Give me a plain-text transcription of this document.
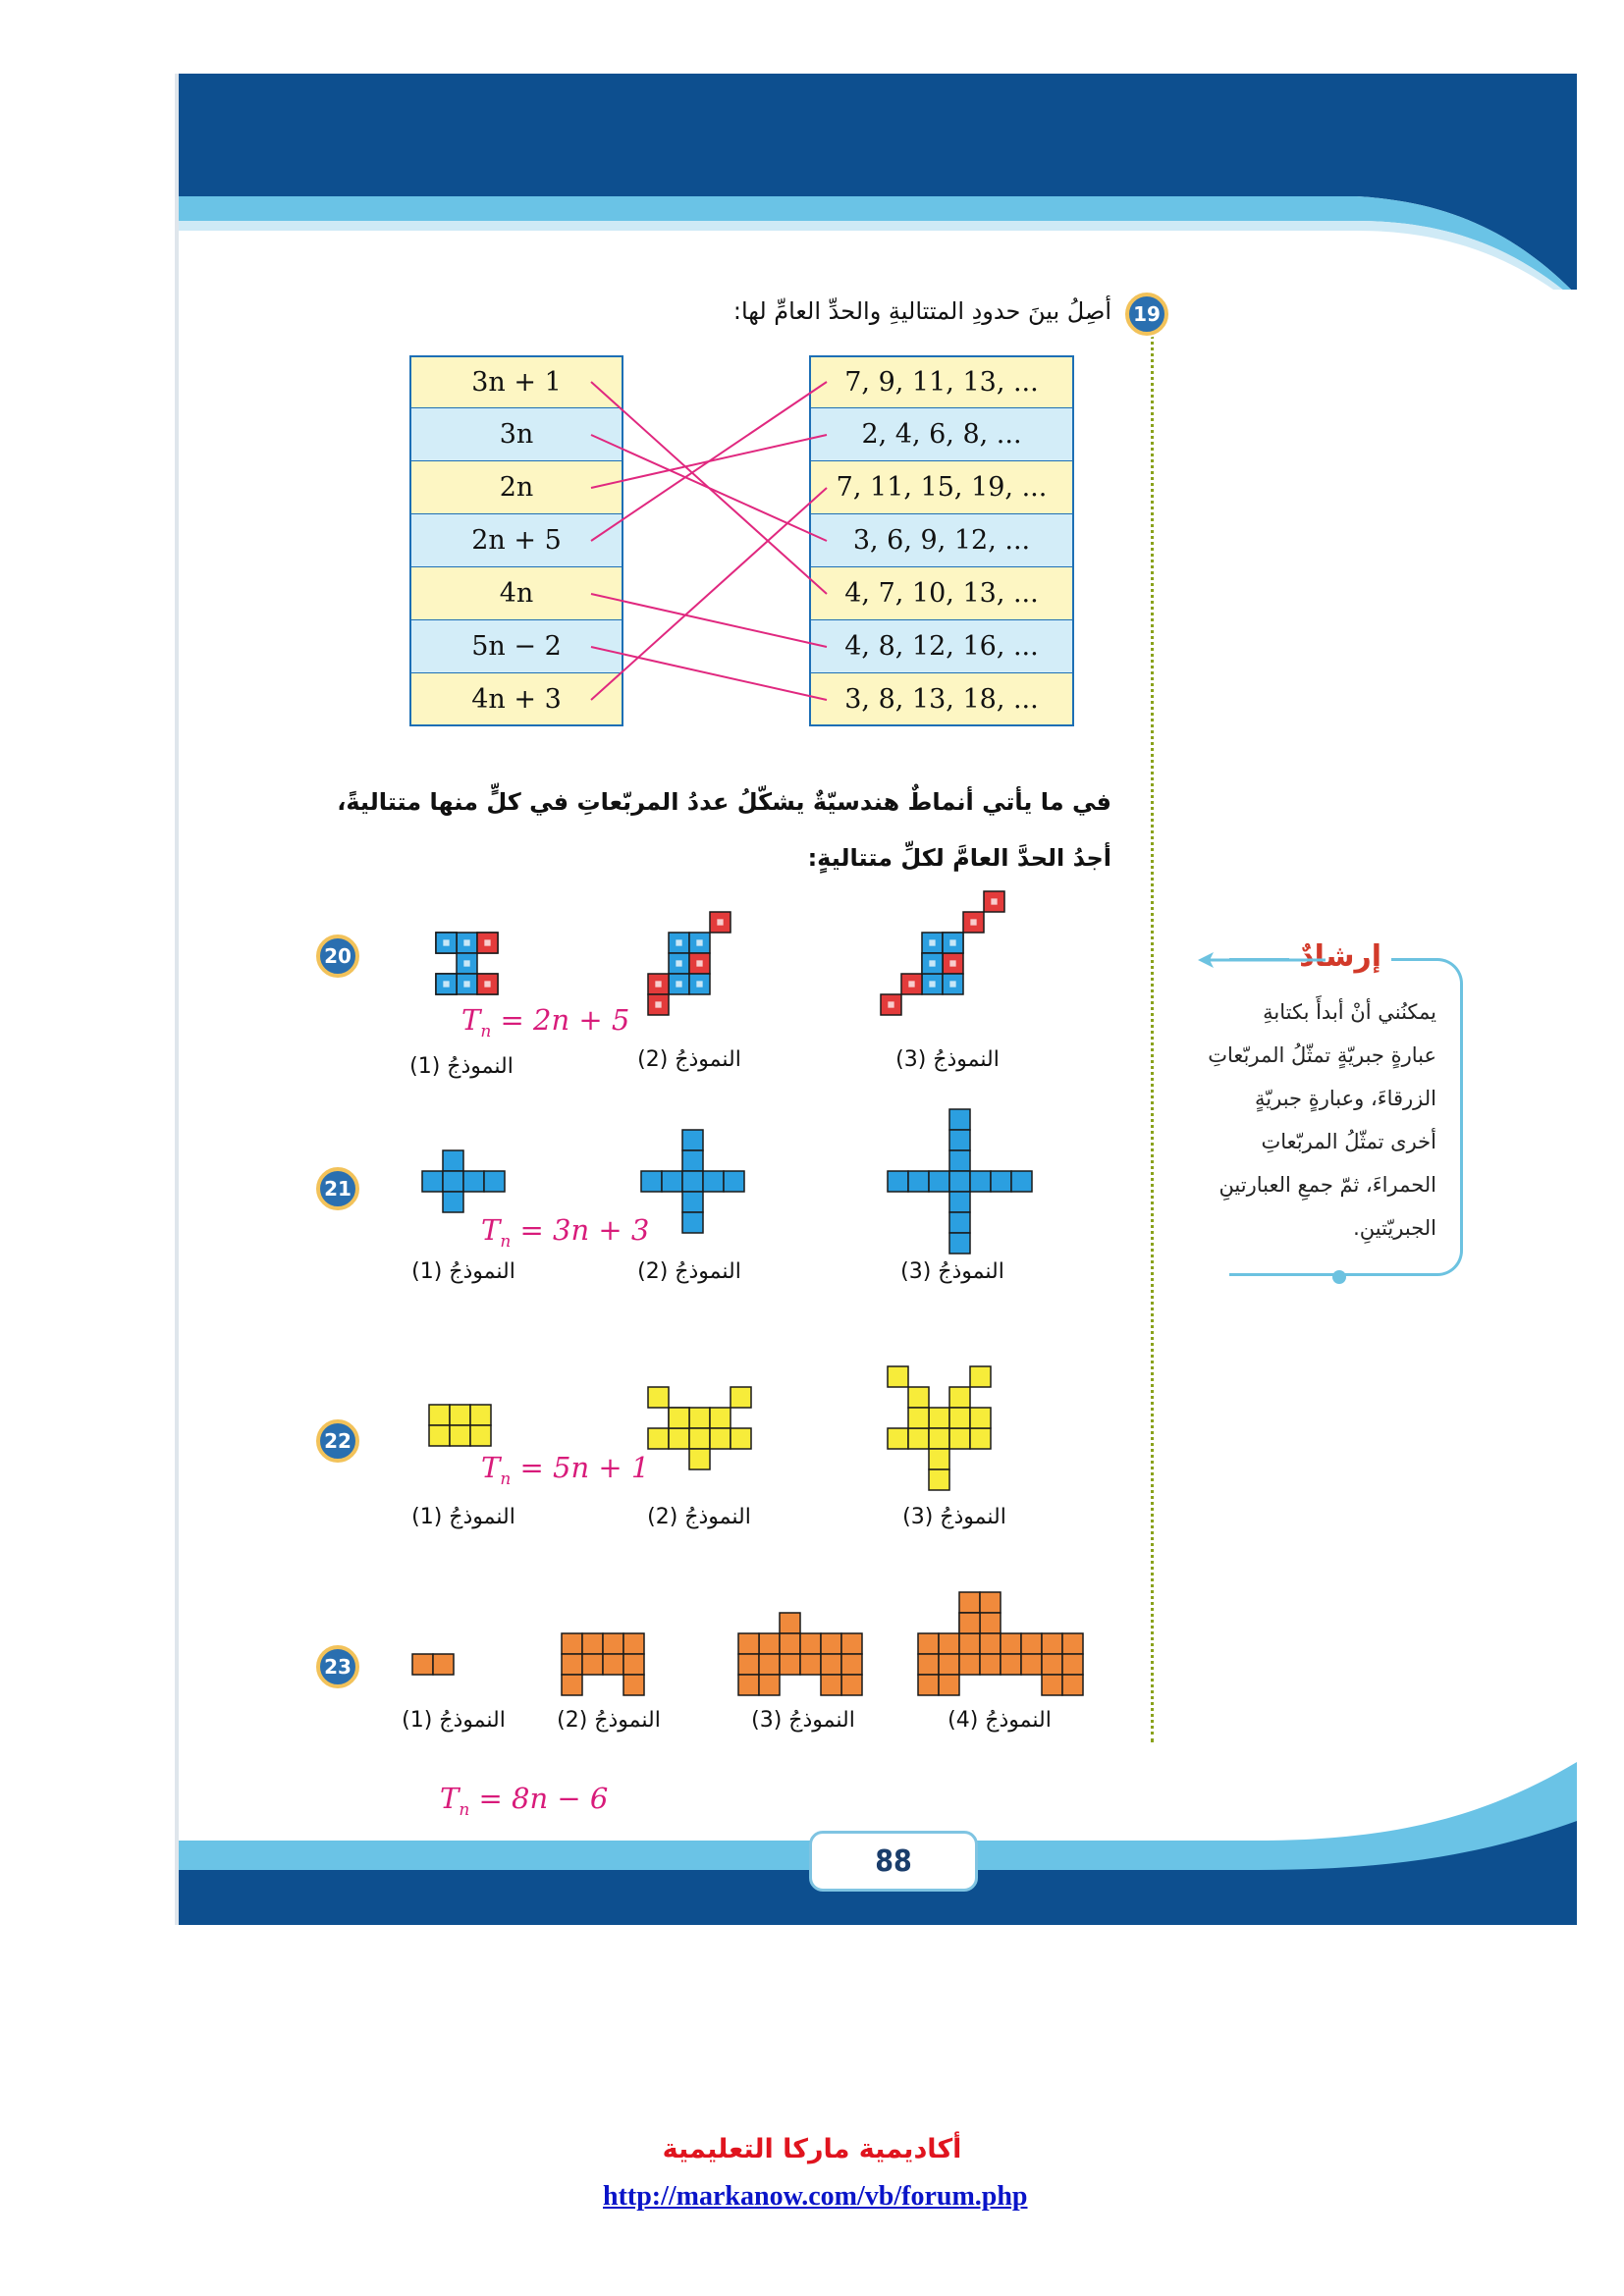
88
19
أصِلُ بينَ حدودِ المتتاليةِ والحدِّ العامِّ لها:
3n + 1
3n
2n
2n + 5
4n
5n − 2
4n + 3
7, 9, 11, 13, ...
2, 4, 6, 8, ...
7, 11, 15, 19, ...
3, 6, 9, 12, ...
4, 7, 10, 13, ...
4, 8, 12, 16, ...
3, 8, 13, 18, ...
في ما يأتي أنماطٌ هندسيّةٌ يشكّلُ عددُ المربّعاتِ في كلٍّ منها متتاليةً،
أجدُ الحدَّ العامَّ لكلِّ متتاليةٍ:
20
21
22
23
$T_n = 2n + 5$
$T_n = 3n + 3$
$T_n = 5n + 1$
$T_n = 8n - 6$
النموذجُ (1)	النموذجُ (2)	النموذجُ (3)
النموذجُ (1)	النموذجُ (2)	النموذجُ (3)
النموذجُ (1)	النموذجُ (2)	النموذجُ (3)
النموذجُ (1)	النموذجُ (2)	النموذجُ (3)	النموذجُ (4)
إرشادٌ
يمكنُني أنْ أبدأَ بكتابةِ
عبارةٍ جبريّةٍ تمثّلُ المربّعاتِ
الزرقاءَ، وعبارةٍ جبريّةٍ
أخرى تمثّلُ المربّعاتِ
الحمراءَ، ثمّ جمعِ العبارتينِ
الجبريّتينِ.
أكاديمية ماركا التعليمية
http://markanow.com/vb/forum.php
